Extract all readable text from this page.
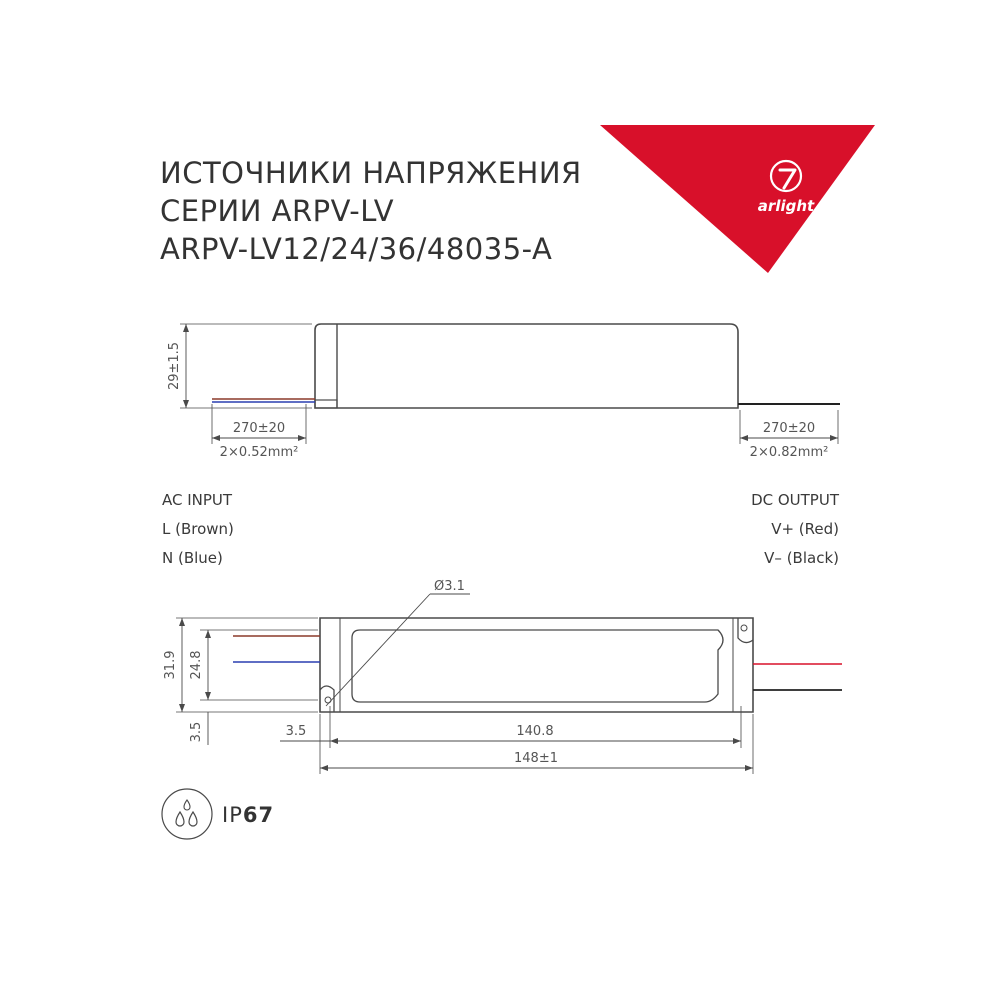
ИСТОЧНИКИ НАПРЯЖЕНИЯ
СЕРИИ ARPV-LV
ARPV-LV12/24/36/48035-A
arlight
29±1.5
270±20
2×0.52mm²
270±20
2×0.82mm²
Ø3.1
31.9 24.8
3.5	3.5	140.8
148±1
AC INPUT
L (Brown)
N (Blue)
DC OUTPUT
V+ (Red)
V– (Black)
IP67
